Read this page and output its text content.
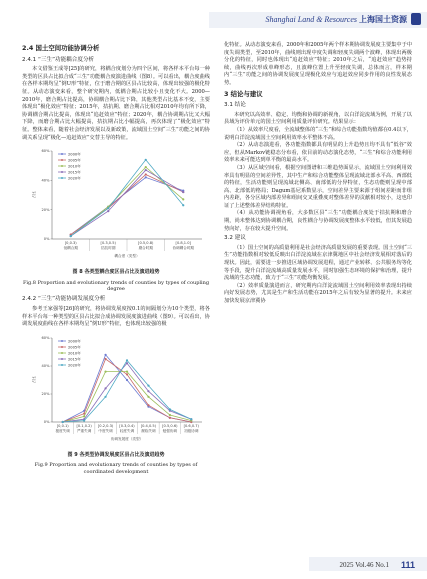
Shanghai Land & Resources 上海国土资源
2.4 国土空间功能协调分析
2.4.1 “三生”功能耦合度分析

本文借鉴王成等[25]的研究，将耦合度划分为四个区间，将各样本平台每一种类型的区县占比拟合成“三生”功能耦合度演进曲线（图8）。可以看出，耦合度曲线在各样本期均呈“倒U形”特征，位于磨合期的区县占比较高，体现出较强的极化特征。从动态演变来看，整个研究期内，低耦合期占比较小且变化不大。2000—2010年，磨合期占比提高，协调耦合期占比下降，其他类型占比基本不变，主要体现出“极化效应”特征；2015年，拮抗期、磨合期占比相对2010年均有所下降，协调耦合期占比提高，体现出“追赶效应”特征；2020年，耦合协调期占比又大幅下降，而磨合期占比大幅提高，拮抗期占比小幅提高，再次体现了“极化效应”特征。整体来看，随着社会经济发展以及新政策，流域国土空间“三生”功能之间的协调关系呈现“极化—追赶效应”交替主导的特征。

0%
20%
40%
60%
占比
[0,0.3)
低耦合期
[0.3,0.5)
拮抗时期
[0.5,0.8)
磨合时期
[0.8,1.0]
协调耦合时期
耦合度（类型）
2000年
2005年
2010年
2015年
2020年
图 8 各类型耦合度区县占比及演进趋势
Fig.8 Proportion and evolutionary trends of counties by types of coupling degree
2.4.2 “三生”功能协调发展度分析

参考王家强等[26]的研究，将协调发展度按0.1的间隔划分为10个类型，将各样本平台每一种类型的区县占比拟合成协调发展度演进曲线（图9）。可以看出，协调发展度曲线在各样本期均呈“倒U形”特征，也体现出较强的极

0%
20%
40%
60%
占比
[0,0.1)
极度失调
[0.1,0.2)
严重失调
[0.2,0.3)
中度失调
[0.3,0.4)
轻度失调
[0.4,0.5)
濒临失调
[0.5,0.6)
勉强协调
[0.6,0.7)
初级协调
协调发展度（类型）
2000年
2005年
2010年
2015年
2020年
图 9 各类型协调发展度区县占比及演进趋势
Fig.9 Proportion and evolutionary trends of counties by types of coordinated development

化特征。从动态演变来看，2000年和2005年两个样本期协调发展度主要集中于中度失调类型，至2010年，曲线则出现中度失调和轻度失调两个波峰，体现出两极分化的特征，同时也体现出“追赶效应”特征；2010年之后，“追赶效应”趋势持续，曲线再次形成单峰形态，且波峰位置上升至轻度失调，总体而言，样本期内“三生”功能之间的协调发展度呈现极化效应与追赶效应同步作用的良性发展态势。

3 结论与建议
3.1 结论

本研究以高效率、稳定、均衡和协调的新视角，以白洋淀流域为例，开展了以县域为评价单元的国土空间利用质量评价研究。结果显示：

（1）从效率尺度看，全流域整体的“三生”和综合功能指数均值都在0.4以下，说明白洋淀流域国土空间利用效率水平整体不高。

（2）从动态演进看，各功能指数都具有明显的上升趋势且均不具有“低谷”效应，但从Markov链稳态分布看，依目前的动态演化态势，“三生”和综合功能利用效率未来可能达到单平衡的最高水平。

（3）从区域空间看，根据空间图谱和三维趋势面显示，流域国土空间利用效率具有明显的空间差异性，其中生产和综合功能整体呈现流域北部水平高、西部低的特征，生活功能则呈现流域北侧高、南部低的分异特征，生态功能则呈现中部高、北部低的格局；Dagum基尼系数显示，空间差异主要来源于组间差距而非组内差距，各分区域内部差异和组间交叉重叠度对整体差异的贡献相对较小，这也印证了上述整体差异结构特征。

（4）从功能协调视角看，大多数区县“三生”功能耦合度处于拮抗期和磨合期，尚未整体达到协调耦合期，良性耦合与协调发展度整体水平较低，但其发展趋势向好，存在较大提升空间。

3.2 建议

（1）国土空间的高质量利用是社会经济高质量发展的重要表现。国土空间“三生”功能指数相对较低反映出白洋淀流域在京津冀地区中社会经济发展相对落后的现状。因此，需要进一步推进区域协调发展进程，通过产业转移、公共服务均等化等手段，提升白洋淀流域高质量发展水平，同时加强生态环境的保护和治理，提升流域的生态功能，致力于“三生”功能均衡发展。

（2）效率质量演进而言，研究期内白洋淀流域国土空间利用效率表现出持续向好发展态势，尤其是生产和生活功能在2015年之后有较为显著的提升。未来应加快发展京津冀协

2025 Vol.46 No.1 111
